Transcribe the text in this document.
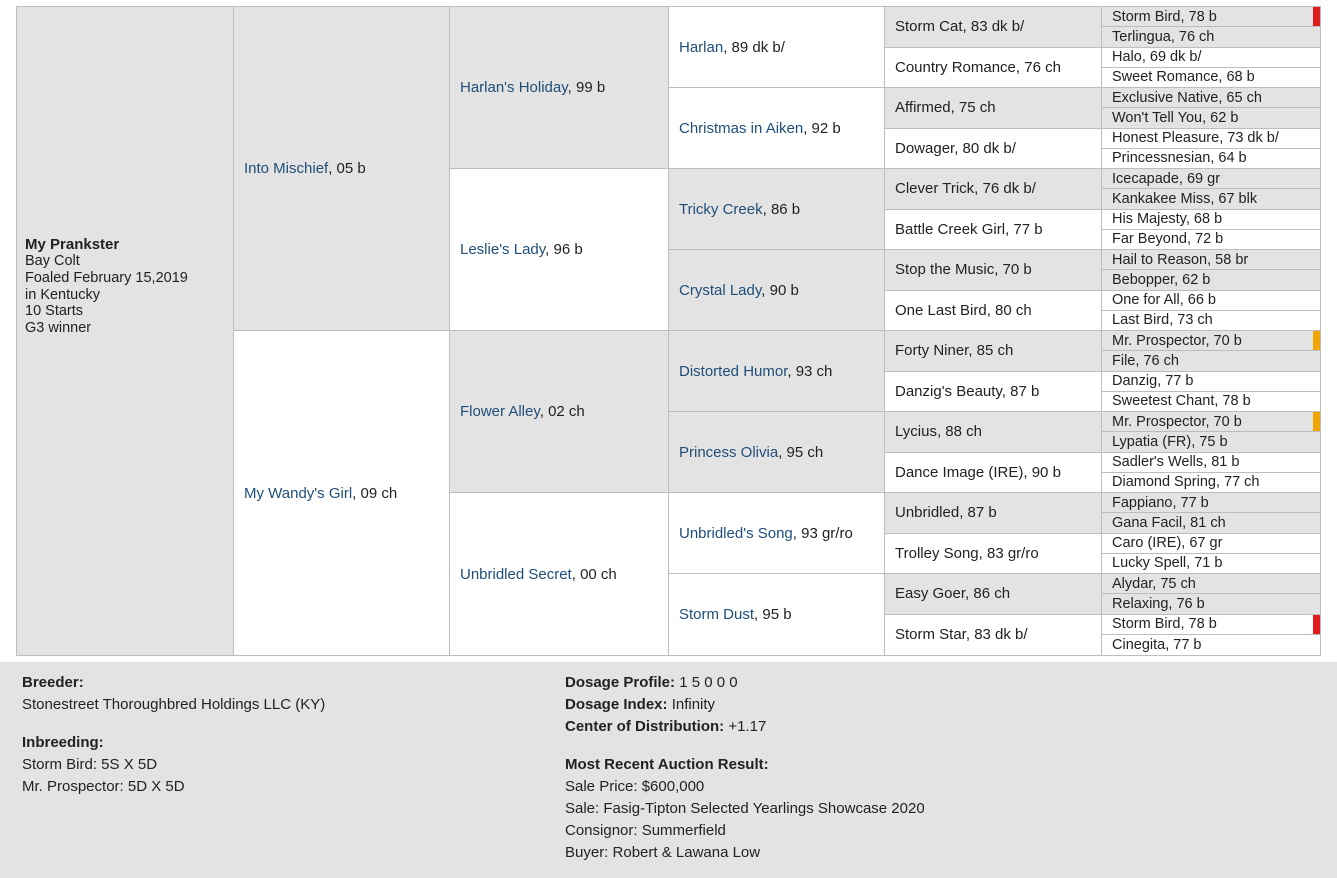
My Prankster
Bay Colt
Foaled February 15,2019
in Kentucky
10 Starts
G3 winner
Into Mischief, 05 b
My Wandy's Girl, 09 ch
Harlan's Holiday, 99 b
Leslie's Lady, 96 b
Flower Alley, 02 ch
Unbridled Secret, 00 ch
Harlan, 89 dk b/
Christmas in Aiken, 92 b
Tricky Creek, 86 b
Crystal Lady, 90 b
Distorted Humor, 93 ch
Princess Olivia, 95 ch
Unbridled's Song, 93 gr/ro
Storm Dust, 95 b
Storm Cat, 83 dk b/
Country Romance, 76 ch
Affirmed, 75 ch
Dowager, 80 dk b/
Clever Trick, 76 dk b/
Battle Creek Girl, 77 b
Stop the Music, 70 b
One Last Bird, 80 ch
Forty Niner, 85 ch
Danzig's Beauty, 87 b
Lycius, 88 ch
Dance Image (IRE), 90 b
Unbridled, 87 b
Trolley Song, 83 gr/ro
Easy Goer, 86 ch
Storm Star, 83 dk b/
Storm Bird, 78 b
Terlingua, 76 ch
Halo, 69 dk b/
Sweet Romance, 68 b
Exclusive Native, 65 ch
Won't Tell You, 62 b
Honest Pleasure, 73 dk b/
Princessnesian, 64 b
Icecapade, 69 gr
Kankakee Miss, 67 blk
His Majesty, 68 b
Far Beyond, 72 b
Hail to Reason, 58 br
Bebopper, 62 b
One for All, 66 b
Last Bird, 73 ch
Mr. Prospector, 70 b
File, 76 ch
Danzig, 77 b
Sweetest Chant, 78 b
Mr. Prospector, 70 b
Lypatia (FR), 75 b
Sadler's Wells, 81 b
Diamond Spring, 77 ch
Fappiano, 77 b
Gana Facil, 81 ch
Caro (IRE), 67 gr
Lucky Spell, 71 b
Alydar, 75 ch
Relaxing, 76 b
Storm Bird, 78 b
Cinegita, 77 b
Breeder:
Stonestreet Thoroughbred Holdings LLC (KY)
Inbreeding:
Storm Bird: 5S X 5D
Mr. Prospector: 5D X 5D
Dosage Profile: 1 5 0 0 0
Dosage Index: Infinity
Center of Distribution: +1.17
Most Recent Auction Result:
Sale Price: $600,000
Sale: Fasig-Tipton Selected Yearlings Showcase 2020
Consignor: Summerfield
Buyer: Robert & Lawana Low
